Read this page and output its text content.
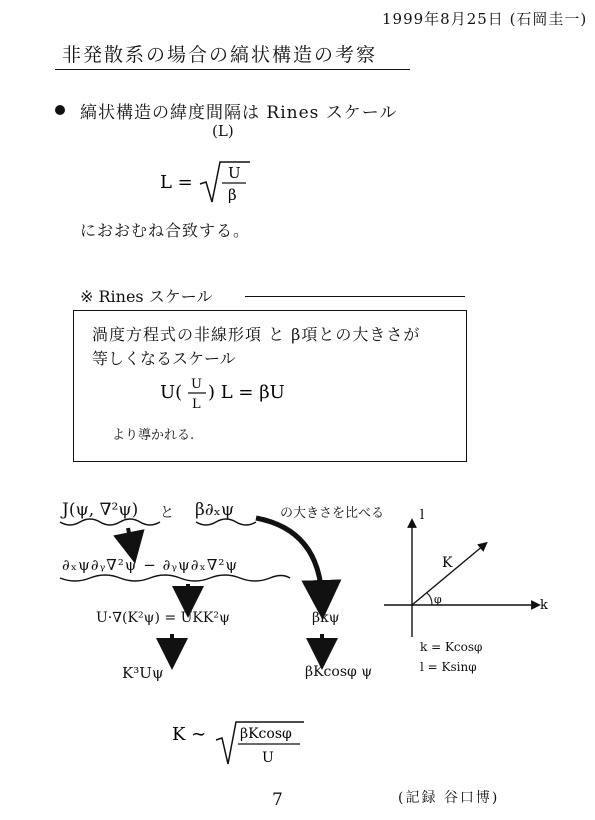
1999年8月25日 (石岡圭一)
非発散系の場合の縞状構造の考察
縞状構造の緯度間隔は Rines スケール
(L)
L = U
β
におおむね合致する。
※ Rines スケール
渦度方程式の非線形項 と β項との大きさが
等しくなるスケール
U( U
L
) L = βU
より導かれる.
J(ψ, ∇²ψ) と β∂ₓψ	の大きさを比べる
∂ₓψ∂ᵧ∇²ψ − ∂ᵧψ∂ₓ∇²ψ
U·∇(K²ψ) = UKK²ψ
K³Uψ
βkψ
βKcosφ ψ
K ∼ βKcosφ
U
l
k
K
φ
k = Kcosφ
l = Ksinφ
7	(記録 谷口博)
